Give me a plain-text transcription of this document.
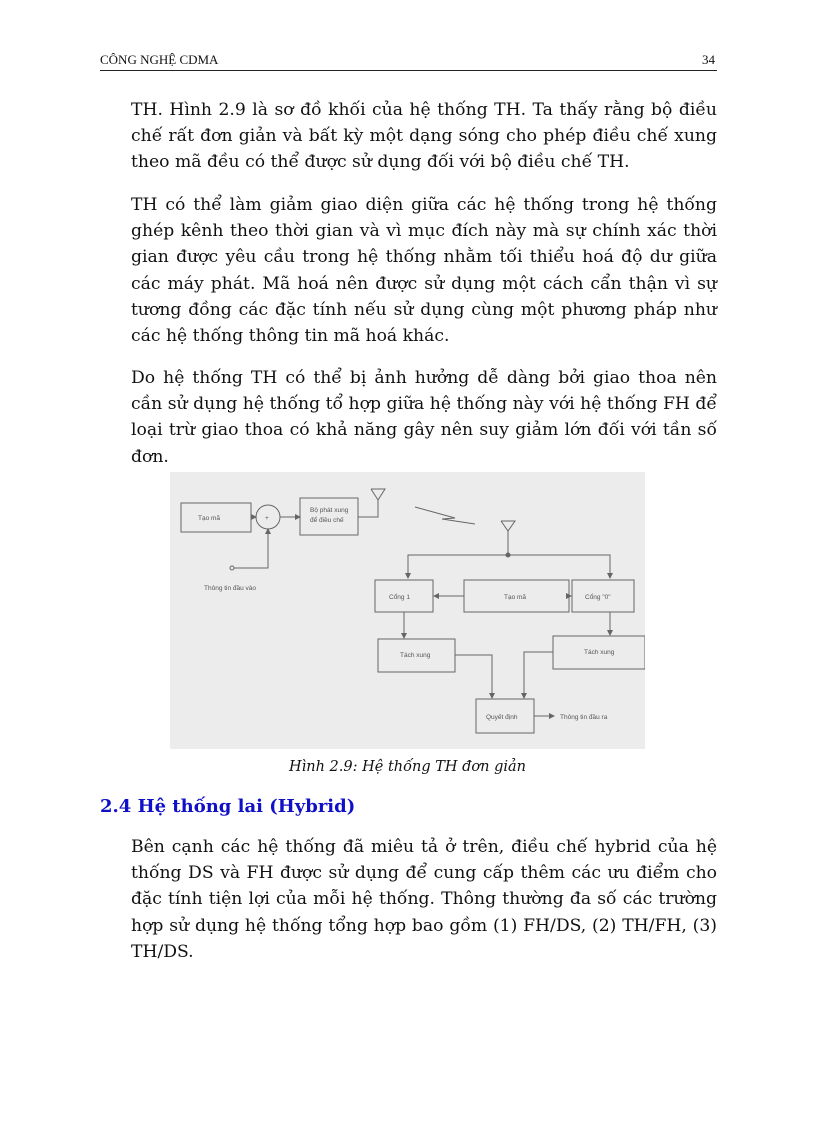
CÔNG NGHỆ CDMA	34

TH. Hình 2.9 là sơ đồ khối của hệ thống TH. Ta thấy rằng bộ điều chế rất đơn giản và bất kỳ một dạng sóng cho phép điều chế xung theo mã đều có thể được sử dụng đối với bộ điều chế TH.

TH có thể làm giảm giao diện giữa các hệ thống trong hệ thống ghép kênh theo thời gian và vì mục đích này mà sự chính xác thời gian được yêu cầu trong hệ thống nhằm tối thiểu hoá độ dư giữa các máy phát. Mã hoá nên được sử dụng một cách cẩn thận vì sự tương đồng các đặc tính nếu sử dụng cùng một phương pháp như các hệ thống thông tin mã hoá khác.

Do hệ thống TH có thể bị ảnh hưởng dễ dàng bởi giao thoa nên cần sử dụng hệ thống tổ hợp giữa hệ thống này với hệ thống FH để loại trừ giao thoa có khả năng gây nên suy giảm lớn đối với tần số đơn.

Tạo mã	+
Bộ phát xung
để điều chế
Thông tin đầu vào
Cổng 1	Tạo mã	Cổng "0"
Tách xung	Tách xung
Quyết định	Thông tin đầu ra
Hình 2.9: Hệ thống TH đơn giản
2.4 Hệ thống lai (Hybrid)

Bên cạnh các hệ thống đã miêu tả ở trên, điều chế hybrid của hệ thống DS và FH được sử dụng để cung cấp thêm các ưu điểm cho đặc tính tiện lợi của mỗi hệ thống. Thông thường đa số các trường hợp sử dụng hệ thống tổng hợp bao gồm (1) FH/DS, (2) TH/FH, (3) TH/DS.
